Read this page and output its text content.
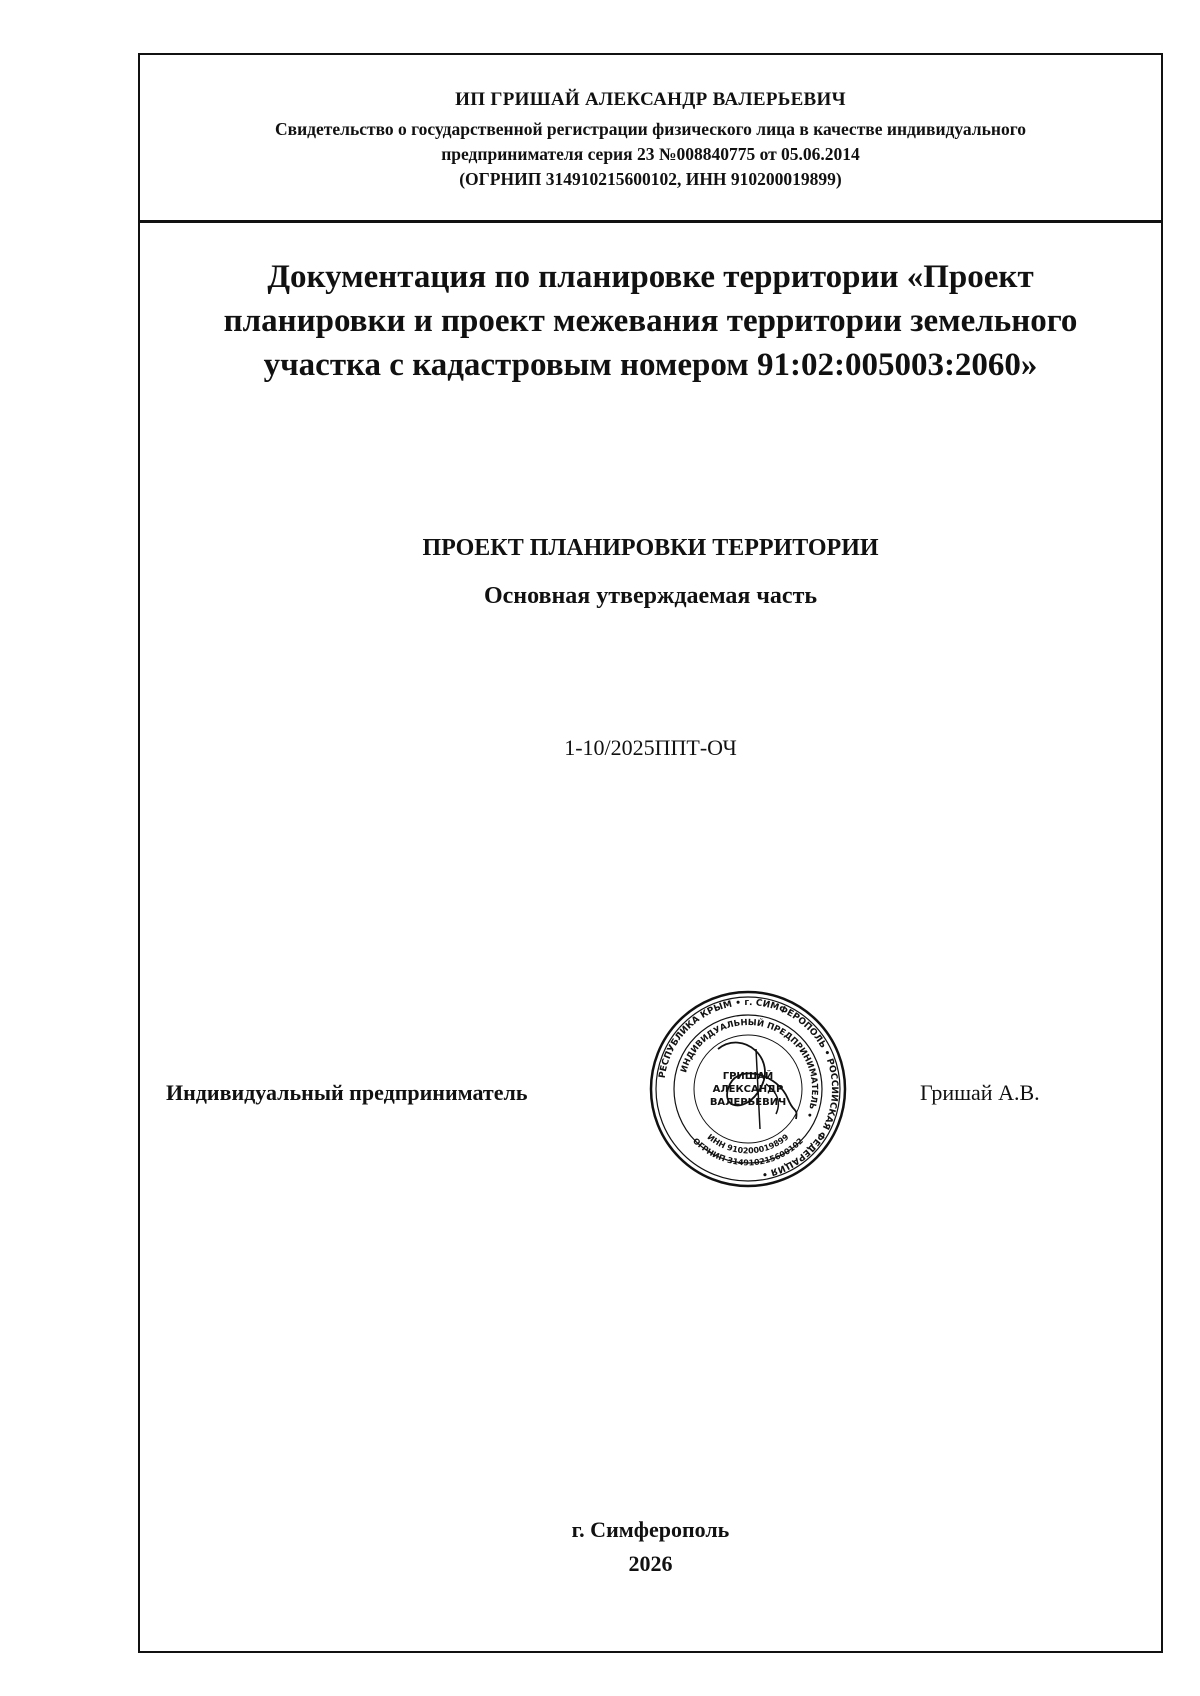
ИП ГРИШАЙ АЛЕКСАНДР ВАЛЕРЬЕВИЧ
Свидетельство о государственной регистрации физического лица в качестве индивидуального
предпринимателя серия 23 №008840775 от 05.06.2014
(ОГРНИП 314910215600102, ИНН 910200019899)
Документация по планировке территории «Проект
планировки и проект межевания территории земельного
участка с кадастровым номером 91:02:005003:2060»
ПРОЕКТ ПЛАНИРОВКИ ТЕРРИТОРИИ
Основная утверждаемая часть
1-10/2025ППТ-ОЧ
Индивидуальный предприниматель	Гришай А.В.
РЕСПУБЛИКА КРЫМ • г. СИМФЕРОПОЛЬ • РОССИЙСКАЯ ФЕДЕРАЦИЯ •
ИНДИВИДУАЛЬНЫЙ ПРЕДПРИНИМАТЕЛЬ •
ИНН 910200019899
ОГРНИП 314910215600102
ГРИШАЙ
АЛЕКСАНДР
ВАЛЕРЬЕВИЧ
г. Симферополь
2026
